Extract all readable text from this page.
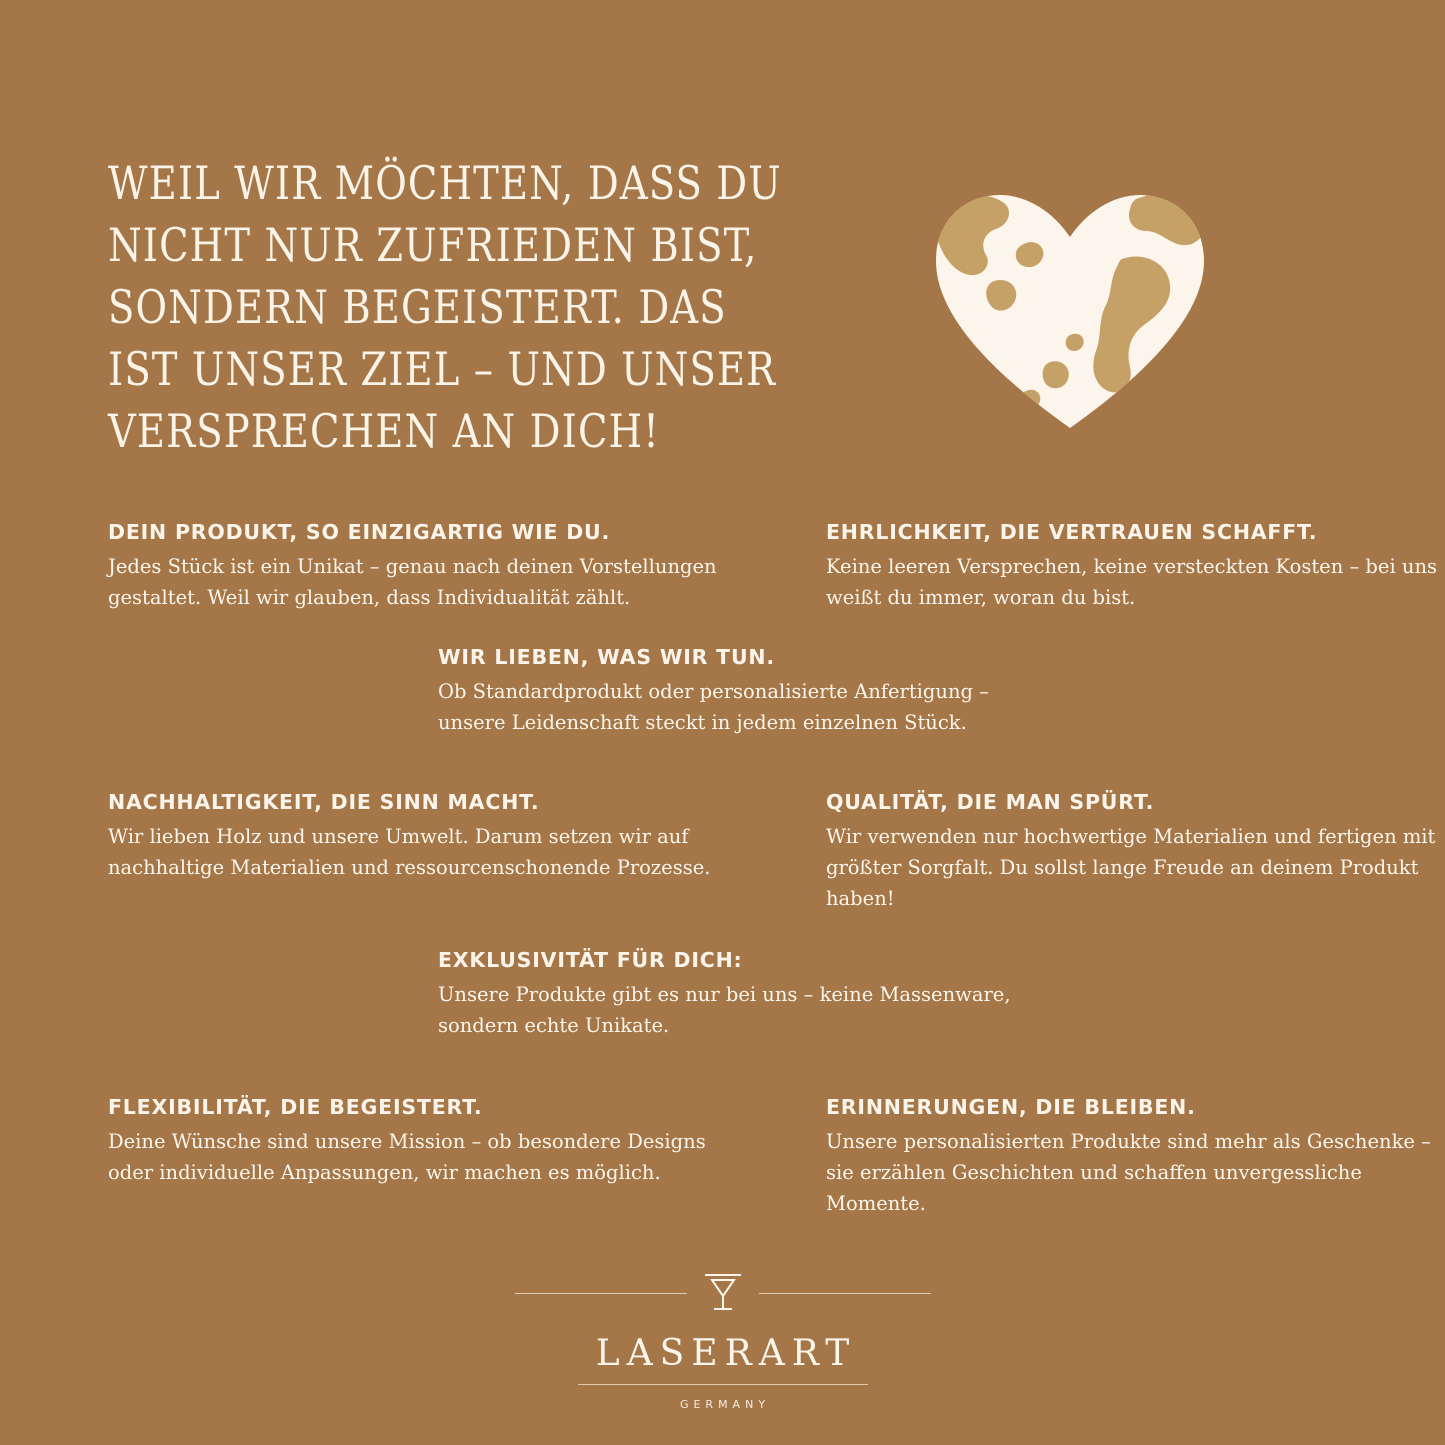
WEIL WIR MÖCHTEN, DASS DU NICHT NUR ZUFRIEDEN BIST, SONDERN BEGEISTERT. DAS IST UNSER ZIEL – UND UNSER VERSPRECHEN AN DICH!
DEIN PRODUKT, SO EINZIGARTIG WIE DU.

Jedes Stück ist ein Unikat – genau nach deinen Vorstellungen gestaltet. Weil wir glauben, dass Individualität zählt.

EHRLICHKEIT, DIE VERTRAUEN SCHAFFT.

Keine leeren Versprechen, keine versteckten Kosten – bei uns weißt du immer, woran du bist.

WIR LIEBEN, WAS WIR TUN.

Ob Standardprodukt oder personalisierte Anfertigung – unsere Leidenschaft steckt in jedem einzelnen Stück.

NACHHALTIGKEIT, DIE SINN MACHT.

Wir lieben Holz und unsere Umwelt. Darum setzen wir auf nachhaltige Materialien und ressourcenschonende Prozesse.

QUALITÄT, DIE MAN SPÜRT.

Wir verwenden nur hochwertige Materialien und fertigen mit größter Sorgfalt. Du sollst lange Freude an deinem Produkt haben!

EXKLUSIVITÄT FÜR DICH:

Unsere Produkte gibt es nur bei uns – keine Massenware, sondern echte Unikate.

FLEXIBILITÄT, DIE BEGEISTERT.

Deine Wünsche sind unsere Mission – ob besondere Designs oder individuelle Anpassungen, wir machen es möglich.

ERINNERUNGEN, DIE BLEIBEN.

Unsere personalisierten Produkte sind mehr als Geschenke – sie erzählen Geschichten und schaffen unvergessliche Momente.

LASERART
GERMANY
